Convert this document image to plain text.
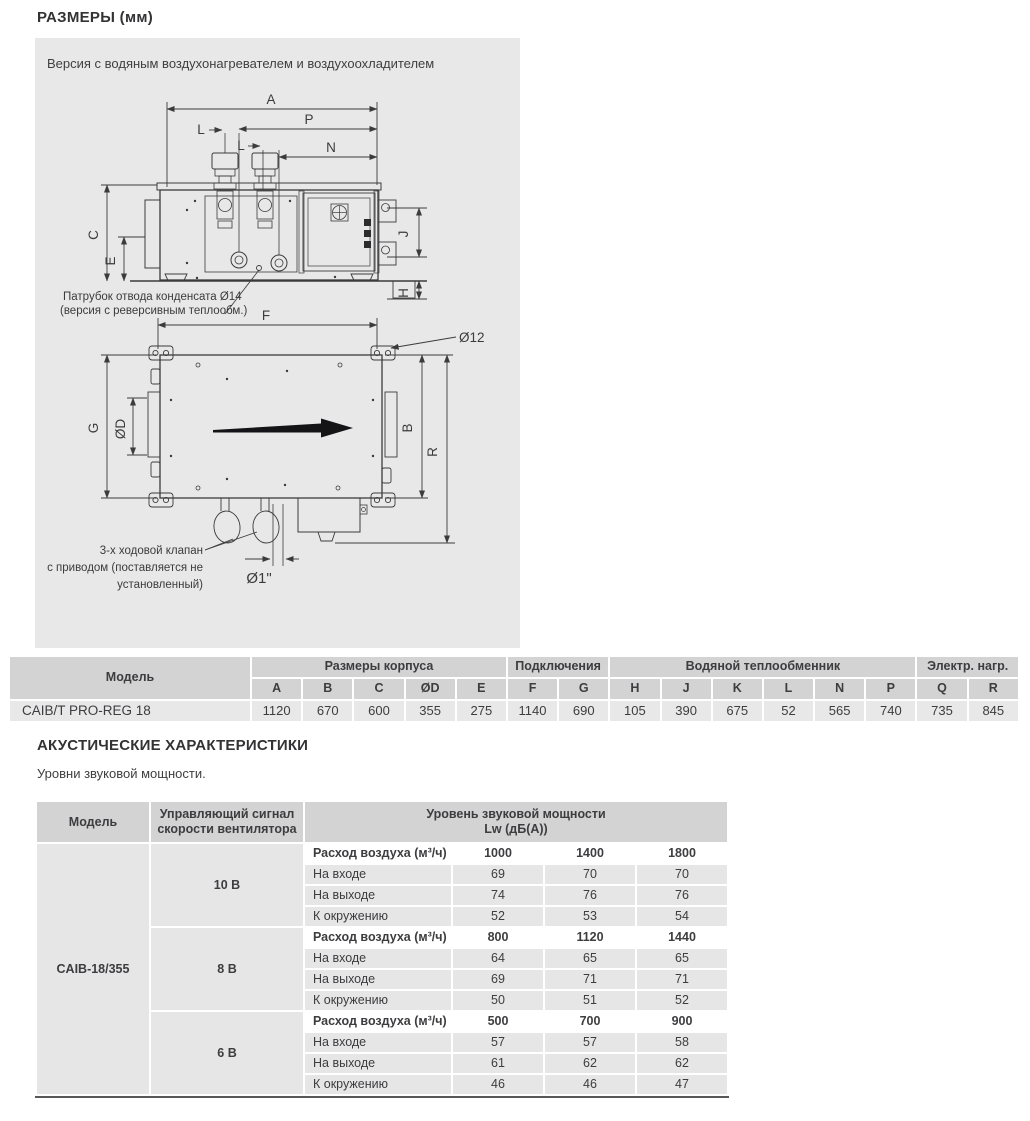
РАЗМЕРЫ (мм)
Версия с водяным воздухонагревателем и воздухоохладителем
A
P
L
L	N
C
E
J
H
Патрубок отвода конденсата Ø14
(версия с реверсивным теплообм.) F
Ø12
G ØD	B
R
Ø1"
3-х ходовой клапан
с приводом (поставляется не
установленный)
Модель	Размеры корпуса					Подключения		Водяной теплообменник						Электр. нагр.	
	A	B	C	ØD	E	F	G	H	J	K	L	N	P	Q	R
CAIB/T PRO-REG 18	1120	670	600	355	275	1140	690	105	390	675	52	565	740	735	845
АКУСТИЧЕСКИЕ ХАРАКТЕРИСТИКИ

Уровни звуковой мощности.

Модель	Управляющий сигнал скорости вентилятора	Уровень звуковой мощности
Lw (дБ(A))			

CAIB-18/355	10 В	Расход воздуха (м³/ч)	1000	1400	1800
		На входе	69	70	70
		На выходе	74	76	76
		К окружению	52	53	54
	8 В	Расход воздуха (м³/ч)	800	1120	1440
		На входе	64	65	65
		На выходе	69	71	71
		К окружению	50	51	52
	6 В	Расход воздуха (м³/ч)	500	700	900
		На входе	57	57	58
		На выходе	61	62	62
		К окружению	46	46	47
